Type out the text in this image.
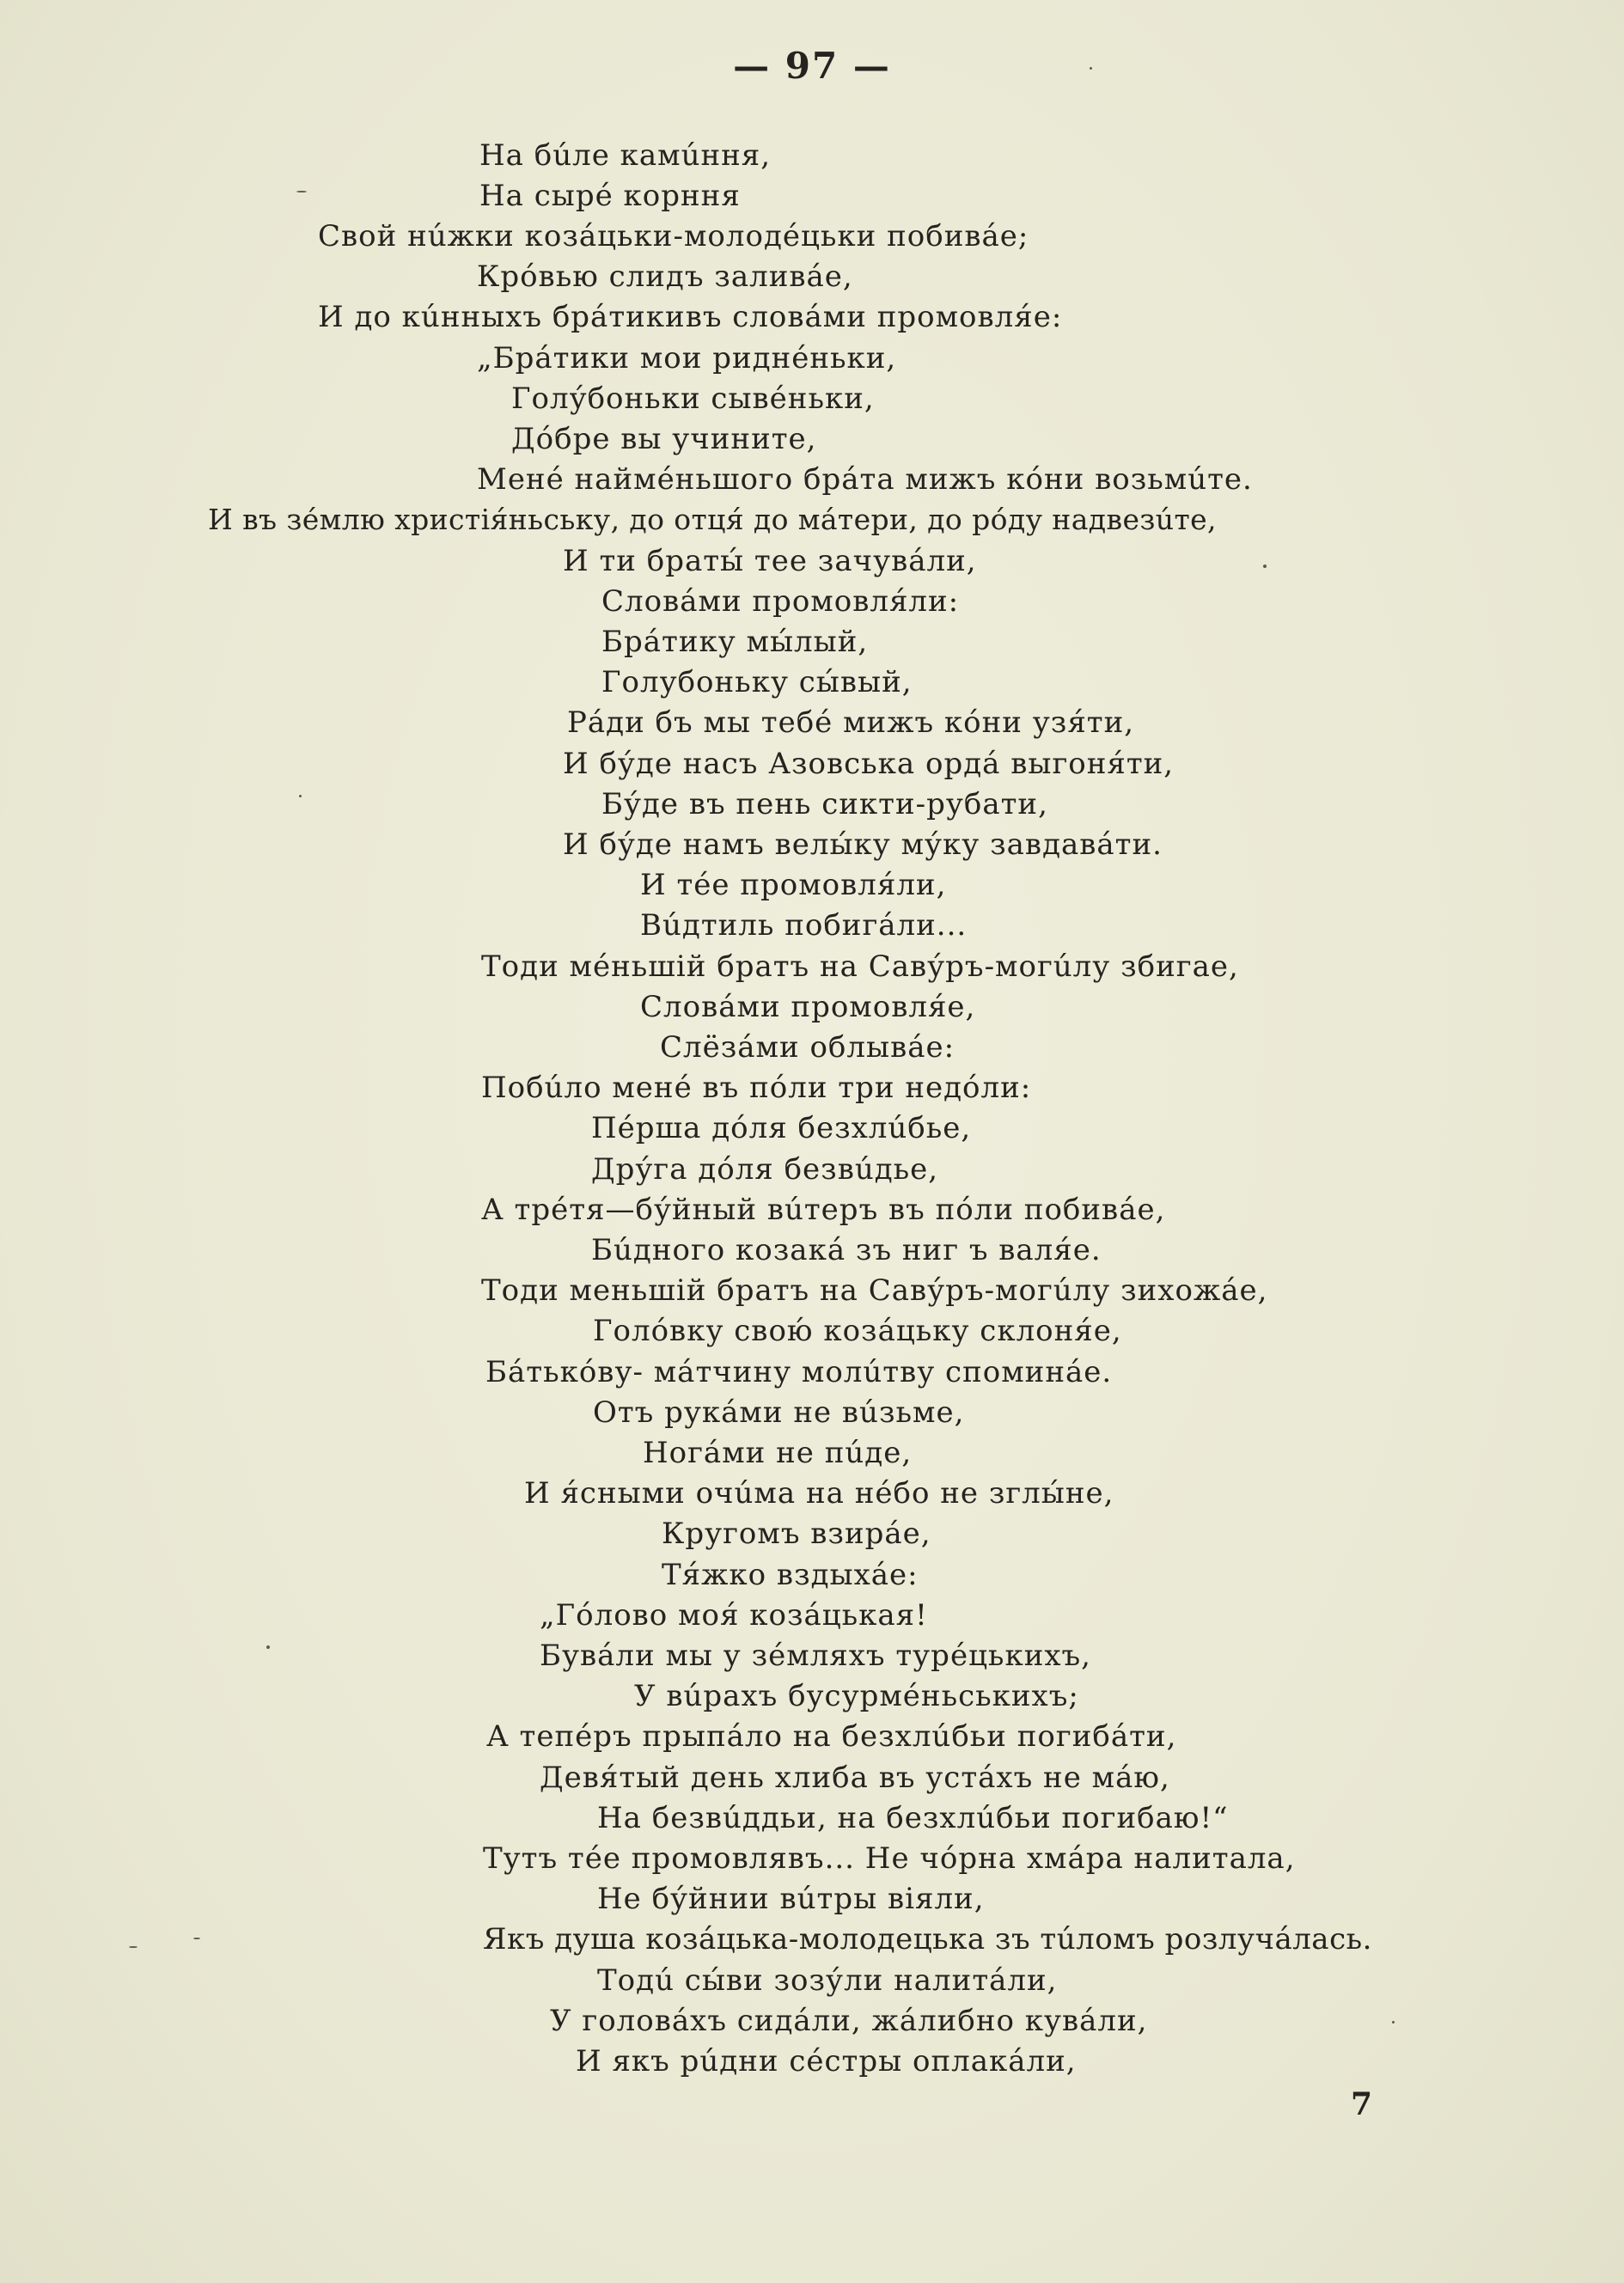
— 97 —
На бúле камúння,
На сыре́ корння
Свой нúжки коза́цьки-молоде́цьки побива́е;
Кро́вью слидъ залива́е,
И до кúнныхъ бра́тикивъ слова́ми промовля́е:
„Бра́тики мои ридне́ньки,
Голу́боньки сыве́ньки,
До́бре вы учините,
Мене́ найме́ньшого бра́та мижъ ко́ни возьмúте.
И въ зе́млю христія́ньську, до отця́ до ма́тери, до ро́ду надвезúте,
И ти браты́ тее зачува́ли,
Слова́ми промовля́ли:
Бра́тику мы́лый,
Голубоньку сы́вый,
Ра́ди бъ мы тебе́ мижъ ко́ни узя́ти,
И бу́де насъ Азовська орда́ выгоня́ти,
Бу́де въ пень сикти-рубати,
И бу́де намъ велы́ку му́ку завдава́ти.
И те́е промовля́ли,
Вúдтиль побига́ли...
Тоди ме́ньшій братъ на Саву́ръ-могúлу збигае,
Слова́ми промовля́е,
Слёза́ми облыва́е:
Побúло мене́ въ по́ли три недо́ли:
Пе́рша до́ля безхлúбье,
Дру́га до́ля безвúдье,
А тре́тя—бу́йный вúтеръ въ по́ли побива́е,
Бúдного козака́ зъ ниг ъ валя́е.
Тоди меньшій братъ на Саву́ръ-могúлу зихожа́е,
Голо́вку свою́ коза́цьку склоня́е,
Ба́тько́ву- ма́тчину молúтву спомина́е.
Отъ рука́ми не вúзьме,
Нога́ми не пúде,
И я́сными очúма на не́бо не зглы́не,
Кругомъ взира́е,
Тя́жко вздыха́е:
„Го́лово моя́ коза́цькая!
Бува́ли мы у зе́мляхъ туре́цькихъ,
У вúрахъ бусурме́ньськихъ;
А тепе́ръ прыпа́ло на безхлúбьи погиба́ти,
Девя́тый день хлиба въ уста́хъ не ма́ю,
На безвúддьи, на безхлúбьи погибаю!“
Тутъ те́е промовлявъ... Не чо́рна хма́ра налитала,
Не бу́йнии вúтры віяли,
Якъ душа коза́цька-молодецька зъ тúломъ розлуча́лась.
Тодú сы́ви зозу́ли налита́ли,
У голова́хъ сида́ли, жа́либно кува́ли,
И якъ рúдни се́стры оплака́ли,
7
